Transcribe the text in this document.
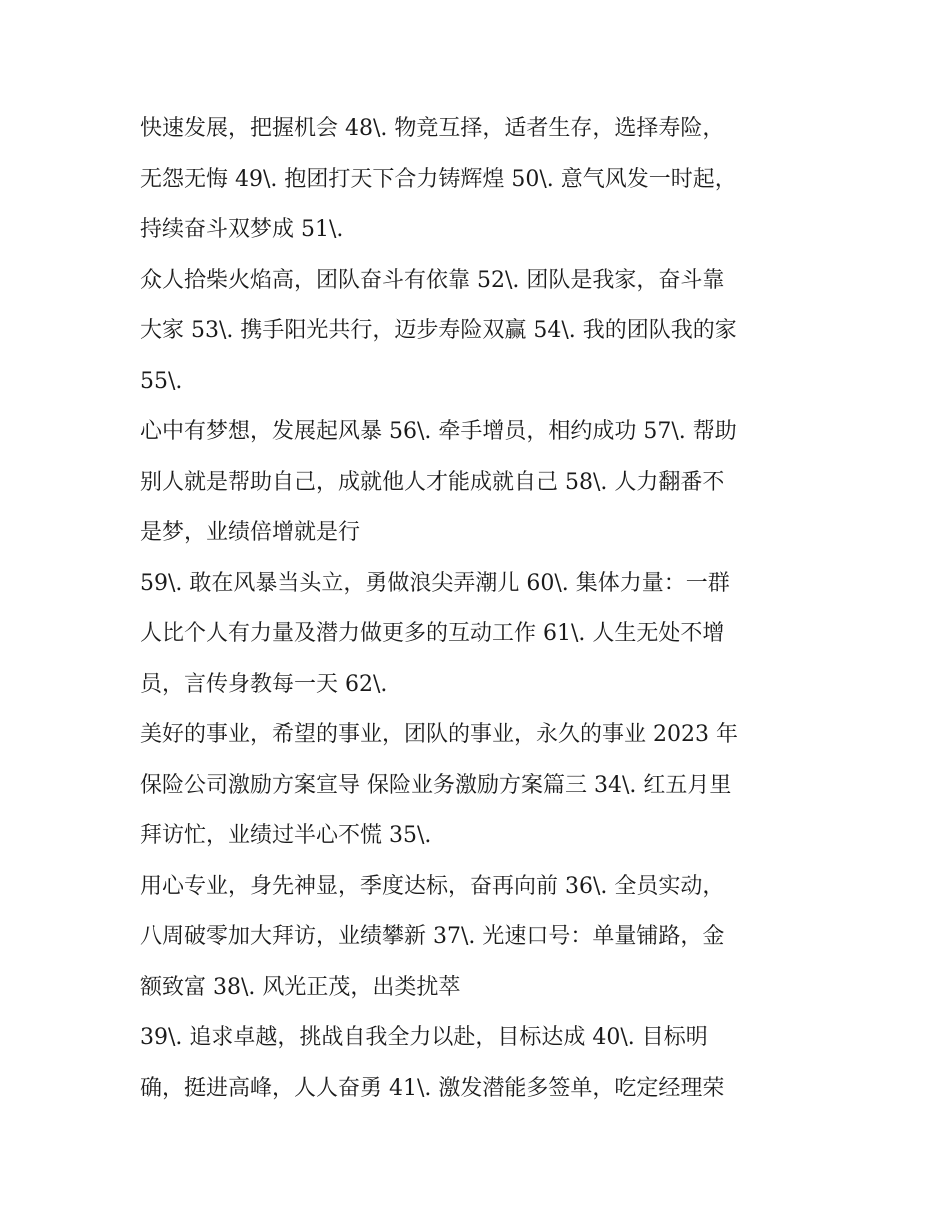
快速发展，把握机会 48\. 物竞互择，适者生存，选择寿险，
无怨无悔 49\. 抱团打天下合力铸辉煌 50\. 意气风发一时起，
持续奋斗双梦成 51\.
众人拾柴火焰高，团队奋斗有依靠 52\. 团队是我家，奋斗靠
大家 53\. 携手阳光共行，迈步寿险双赢 54\. 我的团队我的家
55\.
心中有梦想，发展起风暴 56\. 牵手增员，相约成功 57\. 帮助
别人就是帮助自己，成就他人才能成就自己 58\. 人力翻番不
是梦，业绩倍增就是行
59\. 敢在风暴当头立，勇做浪尖弄潮儿 60\. 集体力量：一群
人比个人有力量及潜力做更多的互动工作 61\. 人生无处不增
员，言传身教每一天 62\.
美好的事业，希望的事业，团队的事业，永久的事业 2023 年
保险公司激励方案宣导 保险业务激励方案篇三 34\. 红五月里
拜访忙，业绩过半心不慌 35\.
用心专业，身先神显，季度达标，奋再向前 36\. 全员实动，
八周破零加大拜访，业绩攀新 37\. 光速口号：单量铺路，金
额致富 38\. 风光正茂，出类扰萃
39\. 追求卓越，挑战自我全力以赴，目标达成 40\. 目标明
确，挺进高峰，人人奋勇 41\. 激发潜能多签单，吃定经理荣
